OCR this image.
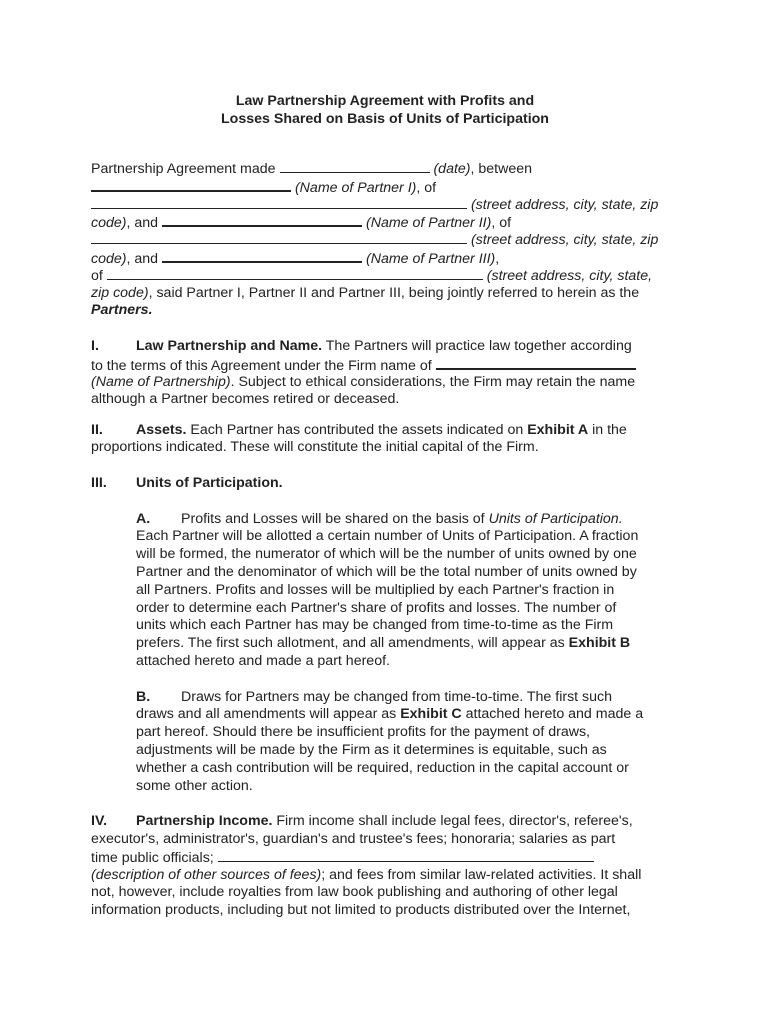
Law Partnership Agreement with Profits and
Losses Shared on Basis of Units of Participation
Partnership Agreement made	(date), between
(Name of Partner I), of
(street address, city, state, zip
code), and	(Name of Partner II), of
(street address, city, state, zip
code), and	(Name of Partner III),
of	(street address, city, state,
zip code), said Partner I, Partner II and Partner III, being jointly referred to herein as the
Partners.
I.	Law Partnership and Name. The Partners will practice law together according
to the terms of this Agreement under the Firm name of
(Name of Partnership). Subject to ethical considerations, the Firm may retain the name
although a Partner becomes retired or deceased.
II. Assets. Each Partner has contributed the assets indicated on Exhibit A in the
proportions indicated. These will constitute the initial capital of the Firm.
III. Units of Participation.
A. Profits and Losses will be shared on the basis of Units of Participation.
Each Partner will be allotted a certain number of Units of Participation. A fraction
will be formed, the numerator of which will be the number of units owned by one
Partner and the denominator of which will be the total number of units owned by
all Partners. Profits and losses will be multiplied by each Partner's fraction in
order to determine each Partner's share of profits and losses. The number of
units which each Partner has may be changed from time-to-time as the Firm
prefers. The first such allotment, and all amendments, will appear as Exhibit B
attached hereto and made a part hereof.
B. Draws for Partners may be changed from time-to-time. The first such
draws and all amendments will appear as Exhibit C attached hereto and made a
part hereof. Should there be insufficient profits for the payment of draws,
adjustments will be made by the Firm as it determines is equitable, such as
whether a cash contribution will be required, reduction in the capital account or
some other action.
IV. Partnership Income. Firm income shall include legal fees, director's, referee's,
executor's, administrator's, guardian's and trustee's fees; honoraria; salaries as part
time public officials;
(description of other sources of fees); and fees from similar law-related activities. It shall
not, however, include royalties from law book publishing and authoring of other legal
information products, including but not limited to products distributed over the Internet,
